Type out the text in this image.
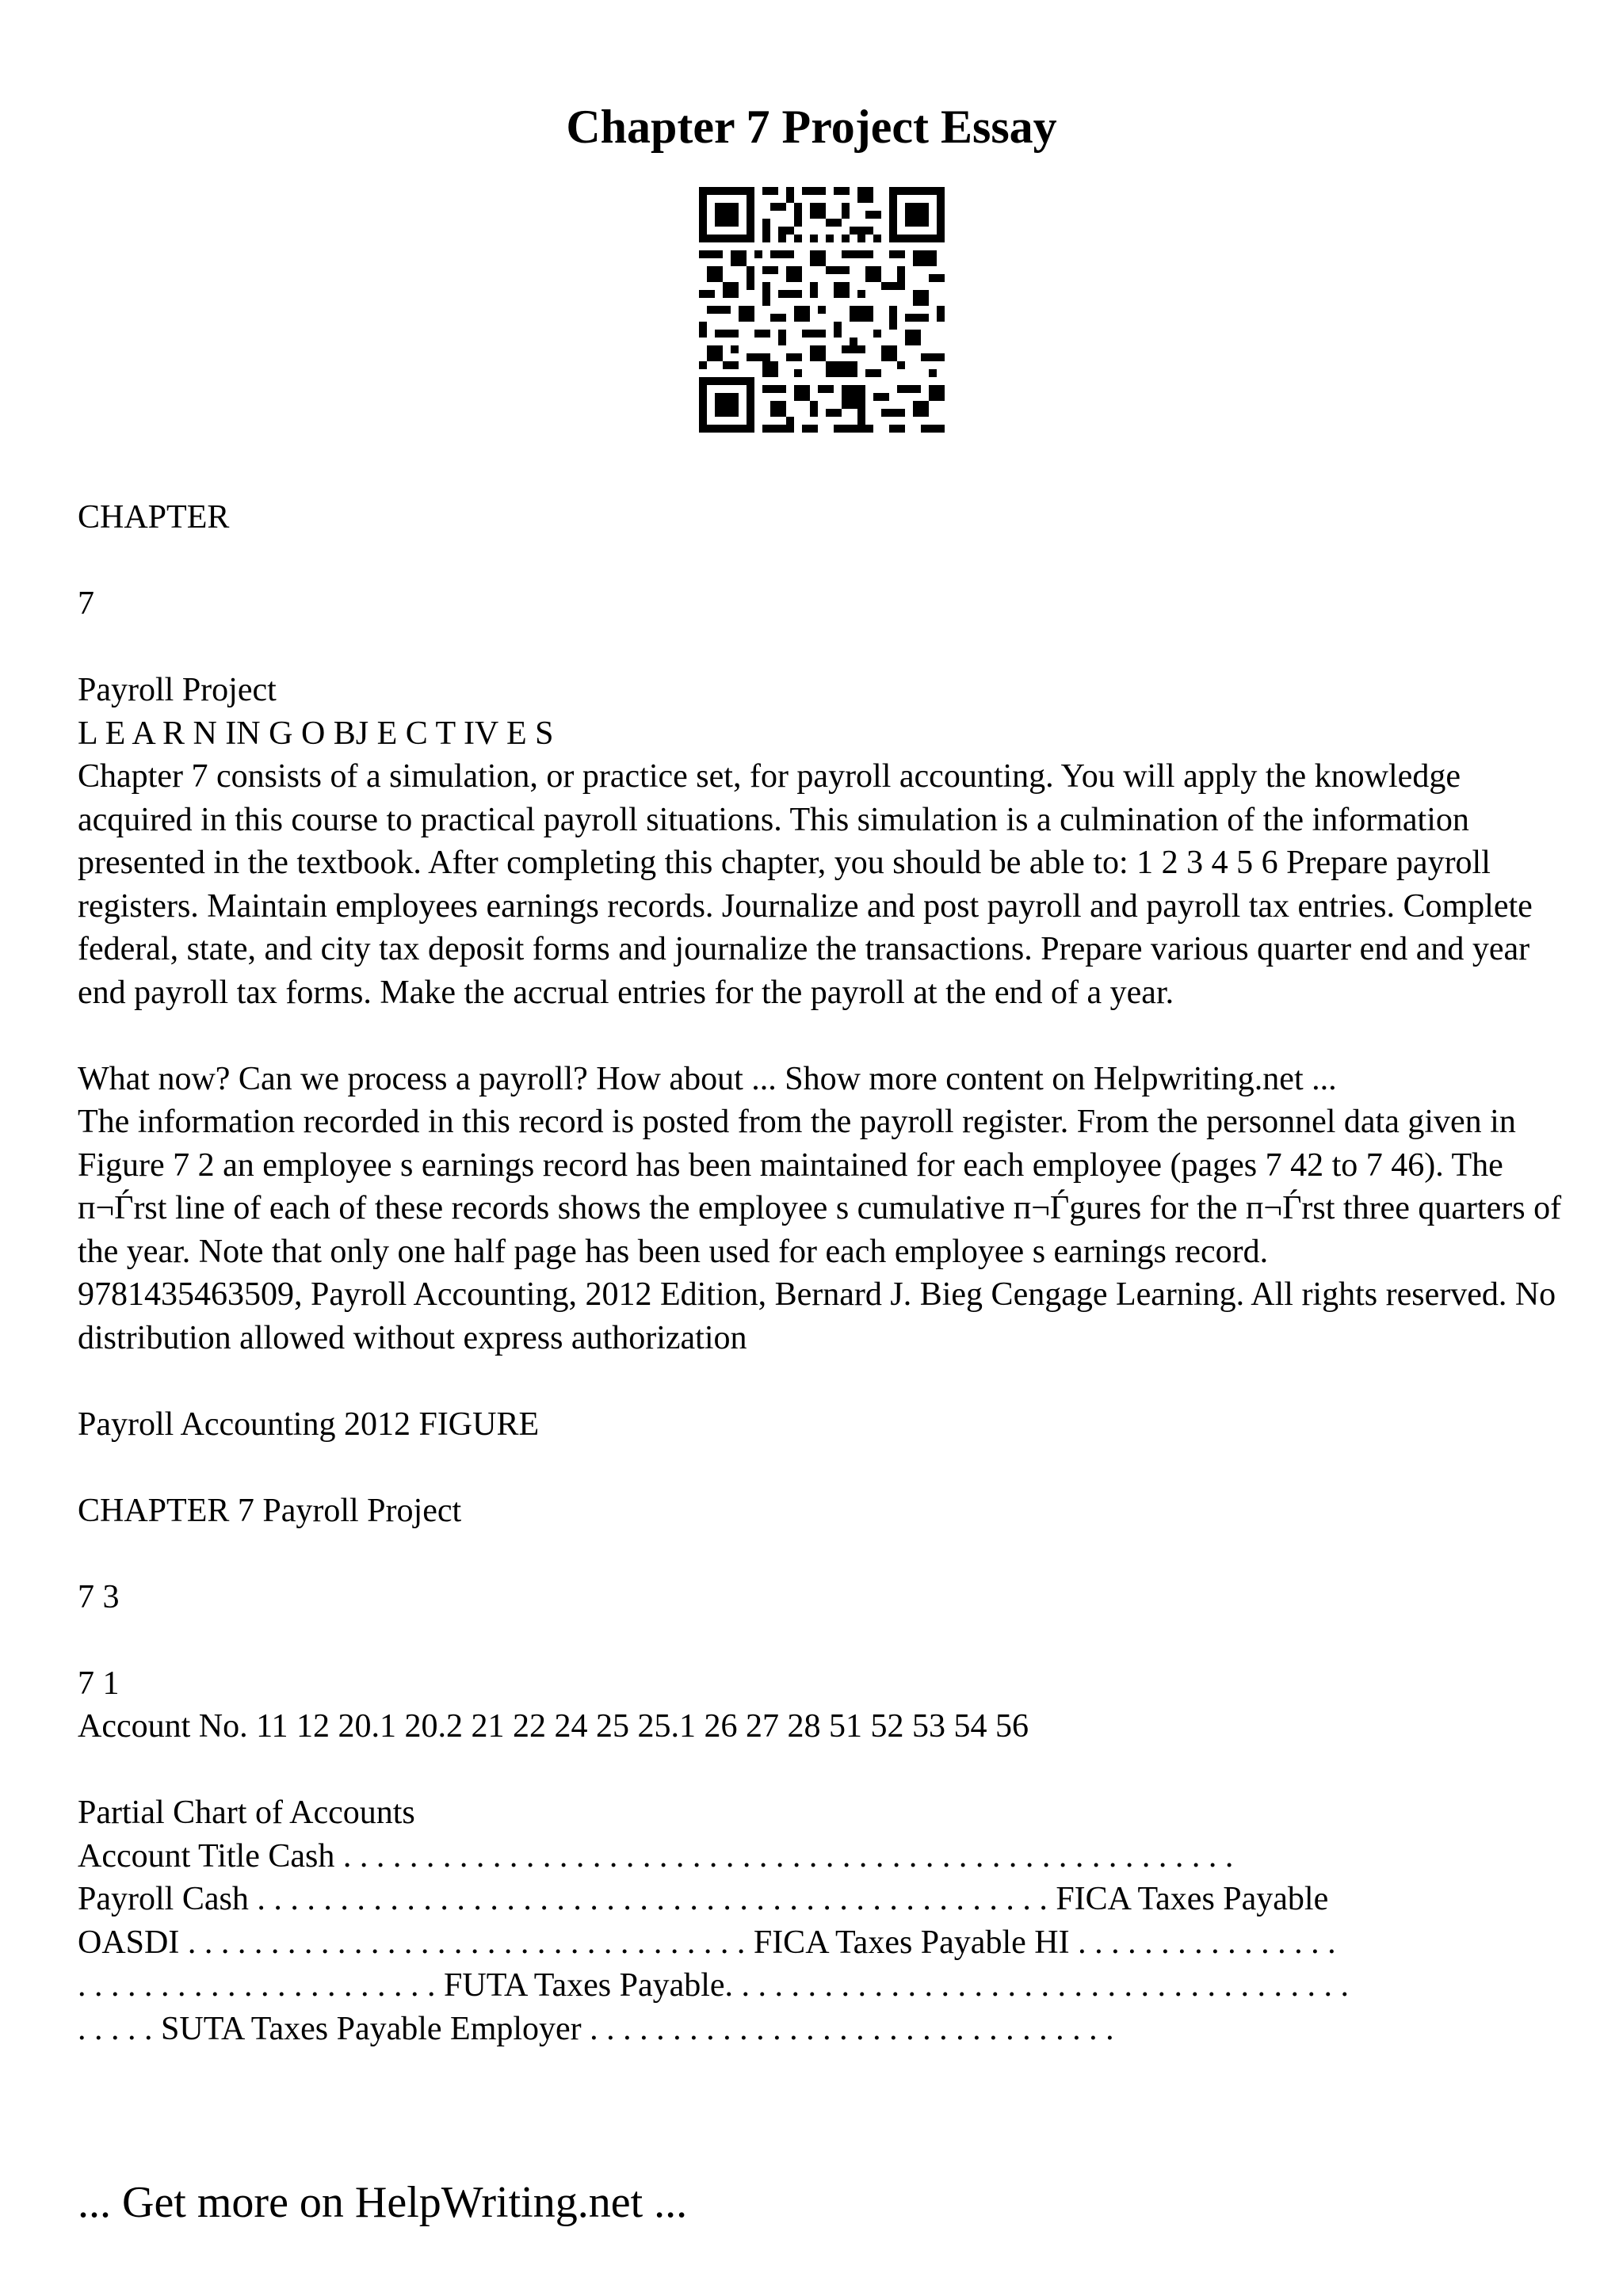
Chapter 7 Project Essay

CHAPTER

7

Payroll Project

L E A R N IN G O BJ E C T IV E S

Chapter 7 consists of a simulation, or practice set, for payroll accounting. You will apply the knowledge acquired in this course to practical payroll situations. This simulation is a culmination of the information presented in the textbook. After completing this chapter, you should be able to: 1 2 3 4 5 6 Prepare payroll registers. Maintain employees earnings records. Journalize and post payroll and payroll tax entries. Complete federal, state, and city tax deposit forms and journalize the transactions. Prepare various quarter end and year end payroll tax forms. Make the accrual entries for the payroll at the end of a year.

What now? Can we process a payroll? How about ... Show more content on Helpwriting.net ...

The information recorded in this record is posted from the payroll register. From the personnel data given in Figure 7 2 an employee s earnings record has been maintained for each employee (pages 7 42 to 7 46). The п¬Ѓrst line of each of these records shows the employee s cumulative п¬Ѓgures for the п¬Ѓrst three quarters of the year. Note that only one half page has been used for each employee s earnings record.

9781435463509, Payroll Accounting, 2012 Edition, Bernard J. Bieg Cengage Learning. All rights reserved. No distribution allowed without express authorization

Payroll Accounting 2012 FIGURE

CHAPTER 7 Payroll Project

7 3

7 1

Account No. 11 12 20.1 20.2 21 22 24 25 25.1 26 27 28 51 52 53 54 56

Partial Chart of Accounts

Account Title Cash . . . . . . . . . . . . . . . . . . . . . . . . . . . . . . . . . . . . . . . . . . . . . . . . . . . . . .

Payroll Cash . . . . . . . . . . . . . . . . . . . . . . . . . . . . . . . . . . . . . . . . . . . . . . . . FICA Taxes Payable

OASDI . . . . . . . . . . . . . . . . . . . . . . . . . . . . . . . . . . FICA Taxes Payable HI . . . . . . . . . . . . . . . .

. . . . . . . . . . . . . . . . . . . . . . FUTA Taxes Payable. . . . . . . . . . . . . . . . . . . . . . . . . . . . . . . . . . . . . .

. . . . . SUTA Taxes Payable Employer . . . . . . . . . . . . . . . . . . . . . . . . . . . . . . . .

... Get more on HelpWriting.net ...
